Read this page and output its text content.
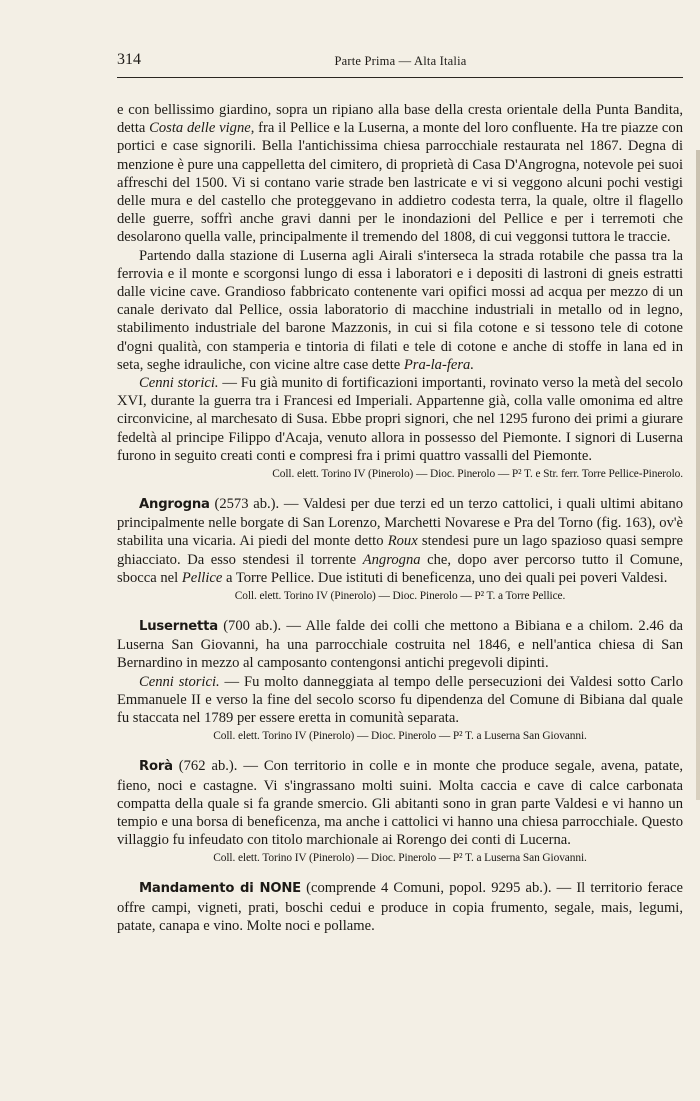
314	Parte Prima — Alta Italia

e con bellissimo giardino, sopra un ripiano alla base della cresta orientale della Punta Bandita, detta Costa delle vigne, fra il Pellice e la Luserna, a monte del loro confluente. Ha tre piazze con portici e case signorili. Bella l'antichissima chiesa parrocchiale restaurata nel 1867. Degna di menzione è pure una cappelletta del cimitero, di proprietà di Casa D'Angrogna, notevole pei suoi affreschi del 1500. Vi si contano varie strade ben lastricate e vi si veggono alcuni pochi vestigi delle mura e del castello che proteggevano in addietro codesta terra, la quale, oltre il flagello delle guerre, soffrì anche gravi danni per le inondazioni del Pellice e per i terremoti che desolarono quella valle, principalmente il tremendo del 1808, di cui veggonsi tuttora le traccie.

Partendo dalla stazione di Luserna agli Airali s'interseca la strada rotabile che passa tra la ferrovia e il monte e scorgonsi lungo di essa i laboratori e i depositi di lastroni di gneis estratti dalle vicine cave. Grandioso fabbricato contenente vari opifici mossi ad acqua per mezzo di un canale derivato dal Pellice, ossia laboratorio di macchine industriali in metallo od in legno, stabilimento industriale del barone Mazzonis, in cui si fila cotone e si tessono tele di cotone d'ogni qualità, con stamperia e tintoria di filati e tele di cotone e anche di stoffe in lana ed in seta, seghe idrauliche, con vicine altre case dette Pra-la-fera.

Cenni storici. — Fu già munito di fortificazioni importanti, rovinato verso la metà del secolo XVI, durante la guerra tra i Francesi ed Imperiali. Appartenne già, colla valle omonima ed altre circonvicine, al marchesato di Susa. Ebbe propri signori, che nel 1295 furono dei primi a giurare fedeltà al principe Filippo d'Acaja, venuto allora in possesso del Piemonte. I signori di Luserna furono in seguito creati conti e compresi fra i primi quattro vassalli del Piemonte.

Coll. elett. Torino IV (Pinerolo) — Dioc. Pinerolo — P² T. e Str. ferr. Torre Pellice-Pinerolo.

Angrogna (2573 ab.). — Valdesi per due terzi ed un terzo cattolici, i quali ultimi abitano principalmente nelle borgate di San Lorenzo, Marchetti Novarese e Pra del Torno (fig. 163), ov'è stabilita una vicaria. Ai piedi del monte detto Roux stendesi pure un lago spazioso quasi sempre ghiacciato. Da esso stendesi il torrente Angrogna che, dopo aver percorso tutto il Comune, sbocca nel Pellice a Torre Pellice. Due istituti di beneficenza, uno dei quali pei poveri Valdesi.

Coll. elett. Torino IV (Pinerolo) — Dioc. Pinerolo — P² T. a Torre Pellice.

Lusernetta (700 ab.). — Alle falde dei colli che mettono a Bibiana e a chilom. 2.46 da Luserna San Giovanni, ha una parrocchiale costruita nel 1846, e nell'antica chiesa di San Bernardino in mezzo al camposanto contengonsi antichi pregevoli dipinti.

Cenni storici. — Fu molto danneggiata al tempo delle persecuzioni dei Valdesi sotto Carlo Emmanuele II e verso la fine del secolo scorso fu dipendenza del Comune di Bibiana dal quale fu staccata nel 1789 per essere eretta in comunità separata.

Coll. elett. Torino IV (Pinerolo) — Dioc. Pinerolo — P² T. a Luserna San Giovanni.

Rorà (762 ab.). — Con territorio in colle e in monte che produce segale, avena, patate, fieno, noci e castagne. Vi s'ingrassano molti suini. Molta caccia e cave di calce carbonata compatta della quale si fa grande smercio. Gli abitanti sono in gran parte Valdesi e vi hanno un tempio e una borsa di beneficenza, ma anche i cattolici vi hanno una chiesa parrocchiale. Questo villaggio fu infeudato con titolo marchionale ai Rorengo dei conti di Lucerna.

Coll. elett. Torino IV (Pinerolo) — Dioc. Pinerolo — P² T. a Luserna San Giovanni.

Mandamento di NONE (comprende 4 Comuni, popol. 9295 ab.). — Il territorio ferace offre campi, vigneti, prati, boschi cedui e produce in copia frumento, segale, mais, legumi, patate, canapa e vino. Molte noci e pollame.
